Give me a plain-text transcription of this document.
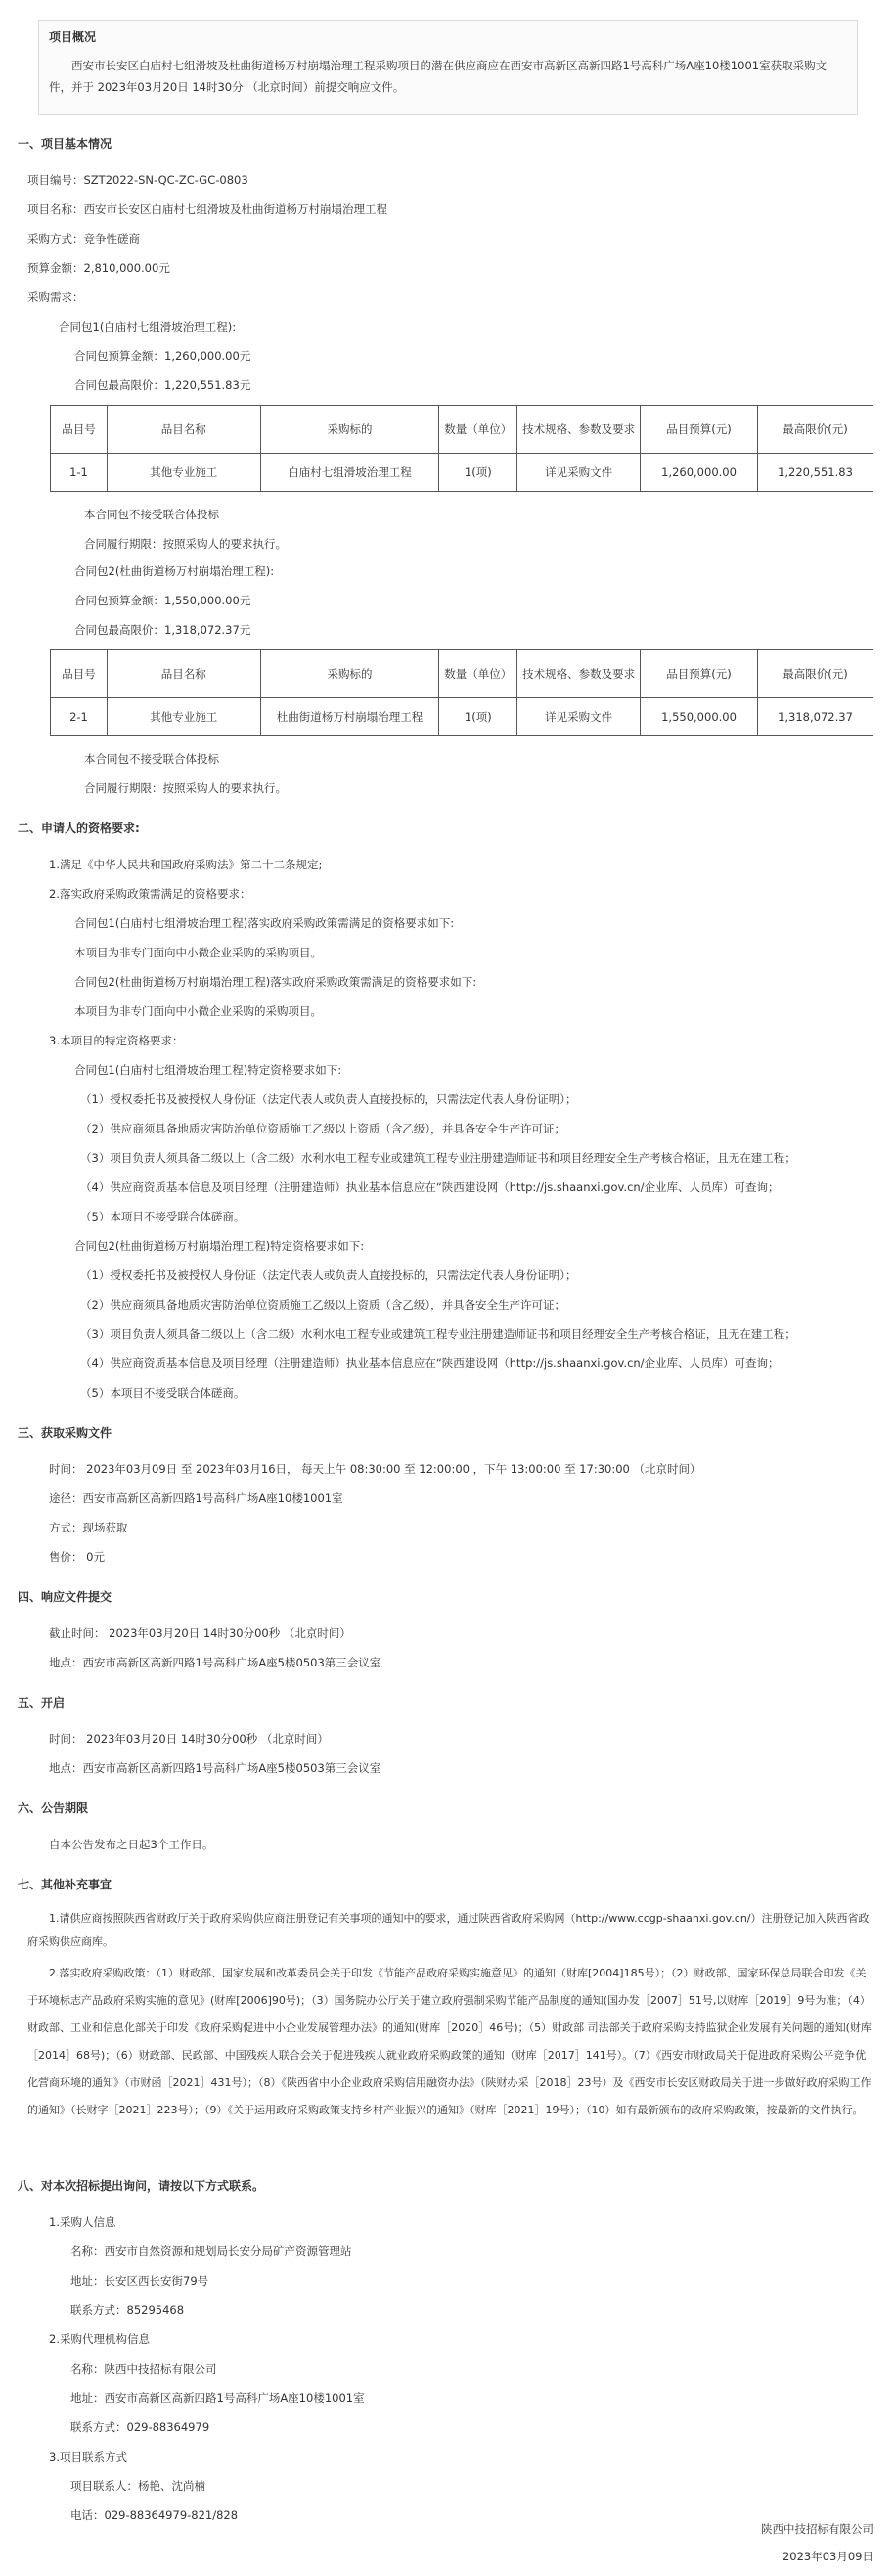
项目概况

西安市长安区白庙村七组滑坡及杜曲街道杨万村崩塌治理工程采购项目的潜在供应商应在西安市高新区高新四路1号高科广场A座10楼1001室获取采购文件，并于 2023年03月20日 14时30分 （北京时间）前提交响应文件。

一、项目基本情况
项目编号：SZT2022-SN-QC-ZC-GC-0803
项目名称：西安市长安区白庙村七组滑坡及杜曲街道杨万村崩塌治理工程
采购方式：竞争性磋商
预算金额：2,810,000.00元
采购需求：
合同包1(白庙村七组滑坡治理工程):
合同包预算金额：1,260,000.00元
合同包最高限价：1,220,551.83元
品目号	品目名称	采购标的	数量（单位）	技术规格、参数及要求	品目预算(元)	最高限价(元)
1-1	其他专业施工	白庙村七组滑坡治理工程	1(项)	详见采购文件	1,260,000.00	1,220,551.83
本合同包不接受联合体投标
合同履行期限：按照采购人的要求执行。
合同包2(杜曲街道杨万村崩塌治理工程):
合同包预算金额：1,550,000.00元
合同包最高限价：1,318,072.37元
品目号	品目名称	采购标的	数量（单位）	技术规格、参数及要求	品目预算(元)	最高限价(元)
2-1	其他专业施工	杜曲街道杨万村崩塌治理工程	1(项)	详见采购文件	1,550,000.00	1,318,072.37
本合同包不接受联合体投标
合同履行期限：按照采购人的要求执行。
二、申请人的资格要求:
1.满足《中华人民共和国政府采购法》第二十二条规定;
2.落实政府采购政策需满足的资格要求：
合同包1(白庙村七组滑坡治理工程)落实政府采购政策需满足的资格要求如下:
本项目为非专门面向中小微企业采购的采购项目。
合同包2(杜曲街道杨万村崩塌治理工程)落实政府采购政策需满足的资格要求如下:
本项目为非专门面向中小微企业采购的采购项目。
3.本项目的特定资格要求：
合同包1(白庙村七组滑坡治理工程)特定资格要求如下:
（1）授权委托书及被授权人身份证（法定代表人或负责人直接投标的，只需法定代表人身份证明）；
（2）供应商须具备地质灾害防治单位资质施工乙级以上资质（含乙级），并具备安全生产许可证；
（3）项目负责人须具备二级以上（含二级）水利水电工程专业或建筑工程专业注册建造师证书和项目经理安全生产考核合格证，且无在建工程；
（4）供应商资质基本信息及项目经理（注册建造师）执业基本信息应在“陕西建设网（http://js.shaanxi.gov.cn/企业库、人员库）可查询；
（5）本项目不接受联合体磋商。
合同包2(杜曲街道杨万村崩塌治理工程)特定资格要求如下:
（1）授权委托书及被授权人身份证（法定代表人或负责人直接投标的，只需法定代表人身份证明）；
（2）供应商须具备地质灾害防治单位资质施工乙级以上资质（含乙级），并具备安全生产许可证；
（3）项目负责人须具备二级以上（含二级）水利水电工程专业或建筑工程专业注册建造师证书和项目经理安全生产考核合格证，且无在建工程；
（4）供应商资质基本信息及项目经理（注册建造师）执业基本信息应在“陕西建设网（http://js.shaanxi.gov.cn/企业库、人员库）可查询；
（5）本项目不接受联合体磋商。
三、获取采购文件
时间： 2023年03月09日 至 2023年03月16日， 每天上午 08:30:00 至 12:00:00 ，下午 13:00:00 至 17:30:00 （北京时间）
途径：西安市高新区高新四路1号高科广场A座10楼1001室
方式：现场获取
售价： 0元
四、响应文件提交
截止时间： 2023年03月20日 14时30分00秒 （北京时间）
地点：西安市高新区高新四路1号高科广场A座5楼0503第三会议室
五、开启
时间： 2023年03月20日 14时30分00秒 （北京时间）
地点：西安市高新区高新四路1号高科广场A座5楼0503第三会议室
六、公告期限
自本公告发布之日起3个工作日。
七、其他补充事宜
1.请供应商按照陕西省财政厅关于政府采购供应商注册登记有关事项的通知中的要求，通过陕西省政府采购网（http://www.ccgp-shaanxi.gov.cn/）注册登记加入陕西省政府采购供应商库。
2.落实政府采购政策：（1）财政部、国家发展和改革委员会关于印发《节能产品政府采购实施意见》的通知（财库[2004]185号）；（2）财政部、国家环保总局联合印发《关于环境标志产品政府采购实施的意见》(财库[2006]90号)；（3）国务院办公厅关于建立政府强制采购节能产品制度的通知(国办发［2007］51号,以财库［2019］9号为准；（4）财政部、工业和信息化部关于印发《政府采购促进中小企业发展管理办法》的通知(财库［2020］46号)；（5）财政部 司法部关于政府采购支持监狱企业发展有关问题的通知(财库［2014］68号)；（6）财政部、民政部、中国残疾人联合会关于促进残疾人就业政府采购政策的通知（财库［2017］141号）。（7）《西安市财政局关于促进政府采购公平竞争优化营商环境的通知》（市财函［2021］431号）；（8）《陕西省中小企业政府采购信用融资办法》（陕财办采［2018］23号）及《西安市长安区财政局关于进一步做好政府采购工作的通知》（长财字［2021］223号）；（9）《关于运用政府采购政策支持乡村产业振兴的通知》（财库［2021］19号）；（10）如有最新颁布的政府采购政策，按最新的文件执行。
八、对本次招标提出询问，请按以下方式联系。
1.采购人信息
名称：西安市自然资源和规划局长安分局矿产资源管理站
地址：长安区西长安街79号
联系方式：85295468
2.采购代理机构信息
名称：陕西中技招标有限公司
地址：西安市高新区高新四路1号高科广场A座10楼1001室
联系方式：029-88364979
3.项目联系方式
项目联系人：杨艳、沈尚楠
电话：029-88364979-821/828
陕西中技招标有限公司
2023年03月09日
